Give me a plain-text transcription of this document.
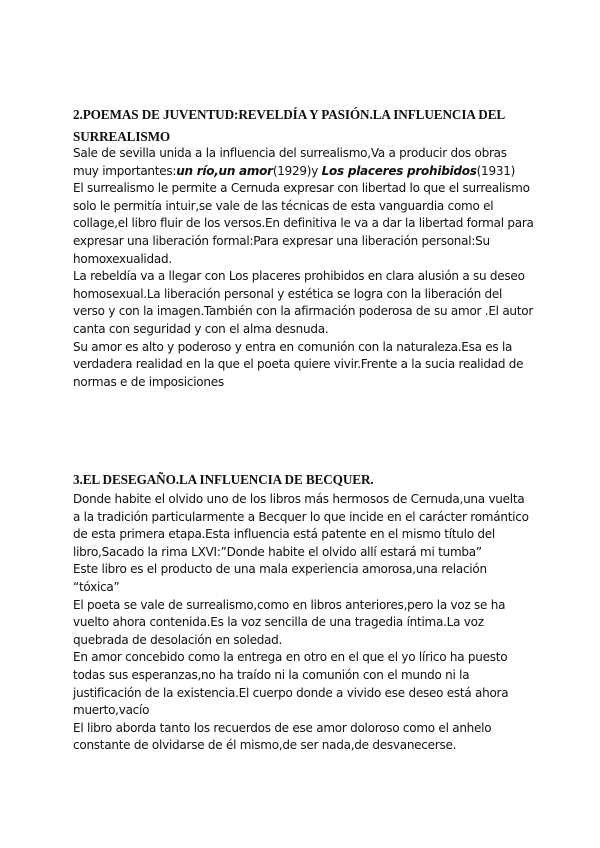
2.POEMAS DE JUVENTUD:REVELDÍA Y PASIÓN.LA INFLUENCIA DEL SURREALISMO

Sale de sevilla unida a la influencia del surrealismo,Va a producir dos obras muy importantes:un río,un amor(1929)y Los placeres prohibidos(1931)

El surrealismo le permite a Cernuda expresar con libertad lo que el surrealismo solo le permitía intuir,se vale de las técnicas de esta vanguardia como el collage,el libro fluir de los versos.En definitiva le va a dar la libertad formal para expresar una liberación formal:Para expresar una liberación personal:Su homoxexualidad.

La rebeldía va a llegar con Los placeres prohibidos en clara alusión a su deseo homosexual.La liberación personal y estética se logra con la liberación del verso y con la imagen.También con la afirmación poderosa de su amor .El autor canta con seguridad y con el alma desnuda.

Su amor es alto y poderoso y entra en comunión con la naturaleza.Esa es la verdadera realidad en la que el poeta quiere vivir.Frente a la sucia realidad de normas e de imposiciones

3.EL DESEGAÑO.LA INFLUENCIA DE BECQUER.

Donde habite el olvido uno de los libros más hermosos de Cernuda,una vuelta a la tradición particularmente a Becquer lo que incide en el carácter romántico de esta primera etapa.Esta influencia está patente en el mismo título del libro,Sacado la rima LXVI:”Donde habite el olvido allí estará mi tumba”

Este libro es el producto de una mala experiencia amorosa,una relación “tóxica”

El poeta se vale de surrealismo,como en libros anteriores,pero la voz se ha vuelto ahora contenida.Es la voz sencilla de una tragedia íntima.La voz quebrada de desolación en soledad.

En amor concebido como la entrega en otro en el que el yo lírico ha puesto todas sus esperanzas,no ha traído ni la comunión con el mundo ni la justificación de la existencia.El cuerpo donde a vivido ese deseo está ahora muerto,vacío

El libro aborda tanto los recuerdos de ese amor doloroso como el anhelo constante de olvidarse de él mismo,de ser nada,de desvanecerse.
